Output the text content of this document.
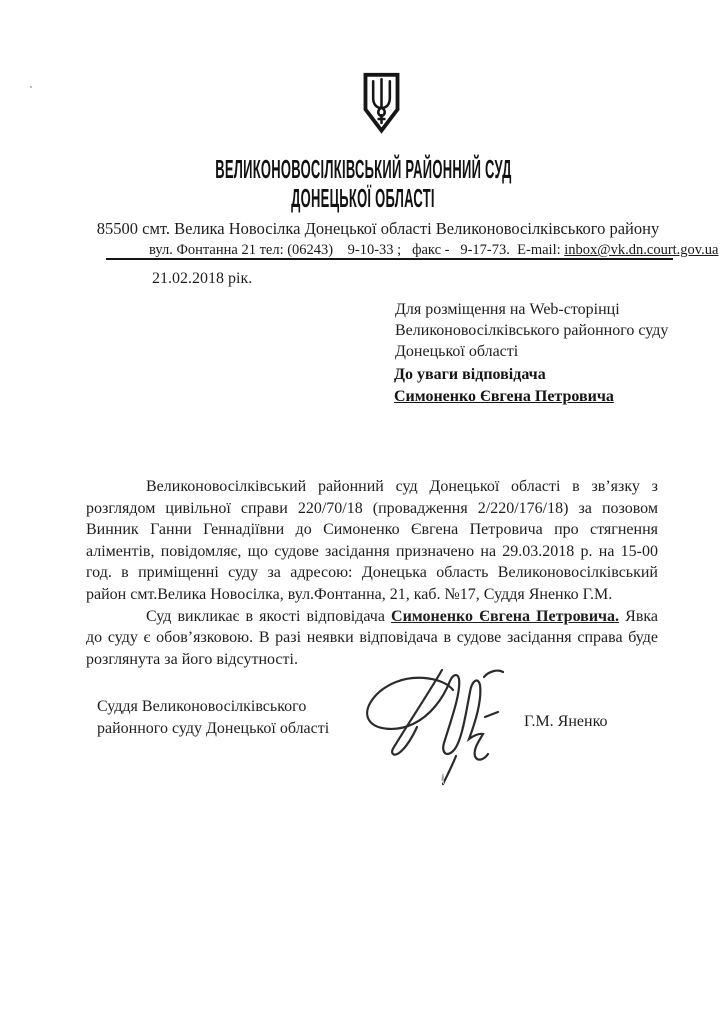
ВЕЛИКОНОВОСІЛКІВСЬКИЙ РАЙОННИЙ СУД
ДОНЕЦЬКОЇ ОБЛАСТІ
85500 смт. Велика Новосілка Донецької області Великоновосілківського району
вул. Фонтанна 21 тел: (06243)    9-10-33 ;   факс -   9-17-73.  E-mail: inbox@vk.dn.court.gov.ua
21.02.2018 рік.
Для розміщення на Web-сторінці
Великоновосілківського районного суду
Донецької області
До уваги відповідача
Симоненко Євгена Петровича

Великоновосілківський районний суд Донецької області в зв’язку з розглядом цивільної справи 220/70/18 (провадження 2/220/176/18) за позовом Винник Ганни Геннадіївни до Симоненко Євгена Петровича про стягнення аліментів, повідомляє, що судове засідання призначено на 29.03.2018 р. на 15-00 год. в приміщенні суду за адресою: Донецька область Великоновосілківський район смт.Велика Новосілка, вул.Фонтанна, 21, каб. №17, Суддя Яненко Г.М.

Суд викликає в якості відповідача Симоненко Євгена Петровича. Явка до суду є обов’язковою. В разі неявки відповідача в судове засідання справа буде розглянута за його відсутності.

Суддя Великоновосілківського
районного суду Донецької області	Г.М. Яненко
